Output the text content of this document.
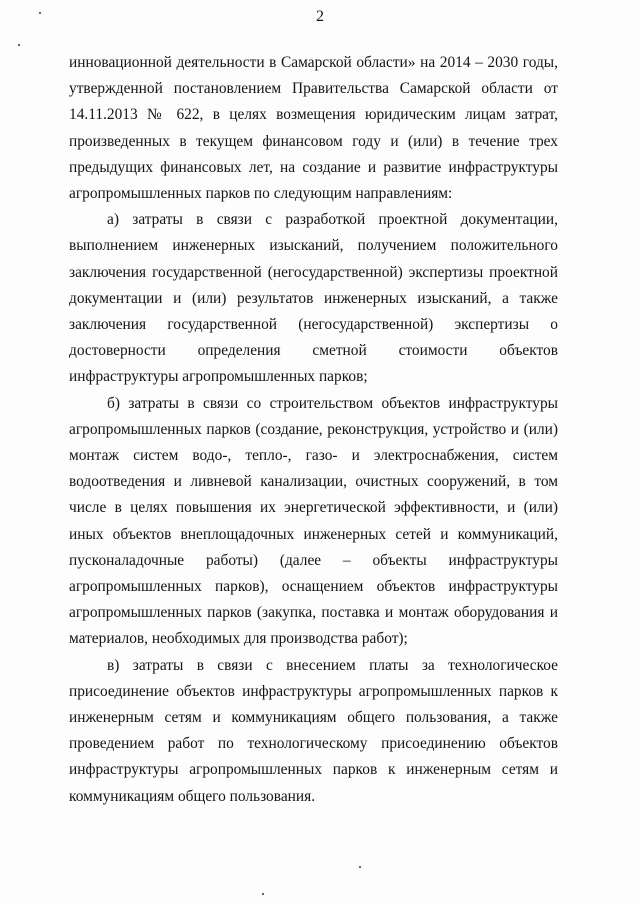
2

инновационной деятельности в Самарской области» на 2014 – 2030 годы, утвержденной постановлением Правительства Самарской области от 14.11.2013 № 622, в целях возмещения юридическим лицам затрат, произведенных в текущем финансовом году и (или) в течение трех предыдущих финансовых лет, на создание и развитие инфраструктуры агропромышленных парков по следующим направлениям:

а) затраты в связи с разработкой проектной документации, выполнением инженерных изысканий, получением положительного заключения государственной (негосударственной) экспертизы проектной документации и (или) результатов инженерных изысканий, а также заключения государственной (негосударственной) экспертизы о достоверности определения сметной стоимости объектов инфраструктуры агропромышленных парков;

б) затраты в связи со строительством объектов инфраструктуры агропромышленных парков (создание, реконструкция, устройство и (или) монтаж систем водо-, тепло-, газо- и электроснабжения, систем водоотведения и ливневой канализации, очистных сооружений, в том числе в целях повышения их энергетической эффективности, и (или) иных объектов внеплощадочных инженерных сетей и коммуникаций, пусконаладочные работы) (далее – объекты инфраструктуры агропромышленных парков), оснащением объектов инфраструктуры агропромышленных парков (закупка, поставка и монтаж оборудования и материалов, необходимых для производства работ);

в) затраты в связи с внесением платы за технологическое присоединение объектов инфраструктуры агропромышленных парков к инженерным сетям и коммуникациям общего пользования, а также проведением работ по технологическому присоединению объектов инфраструктуры агропромышленных парков к инженерным сетям и коммуникациям общего пользования.
